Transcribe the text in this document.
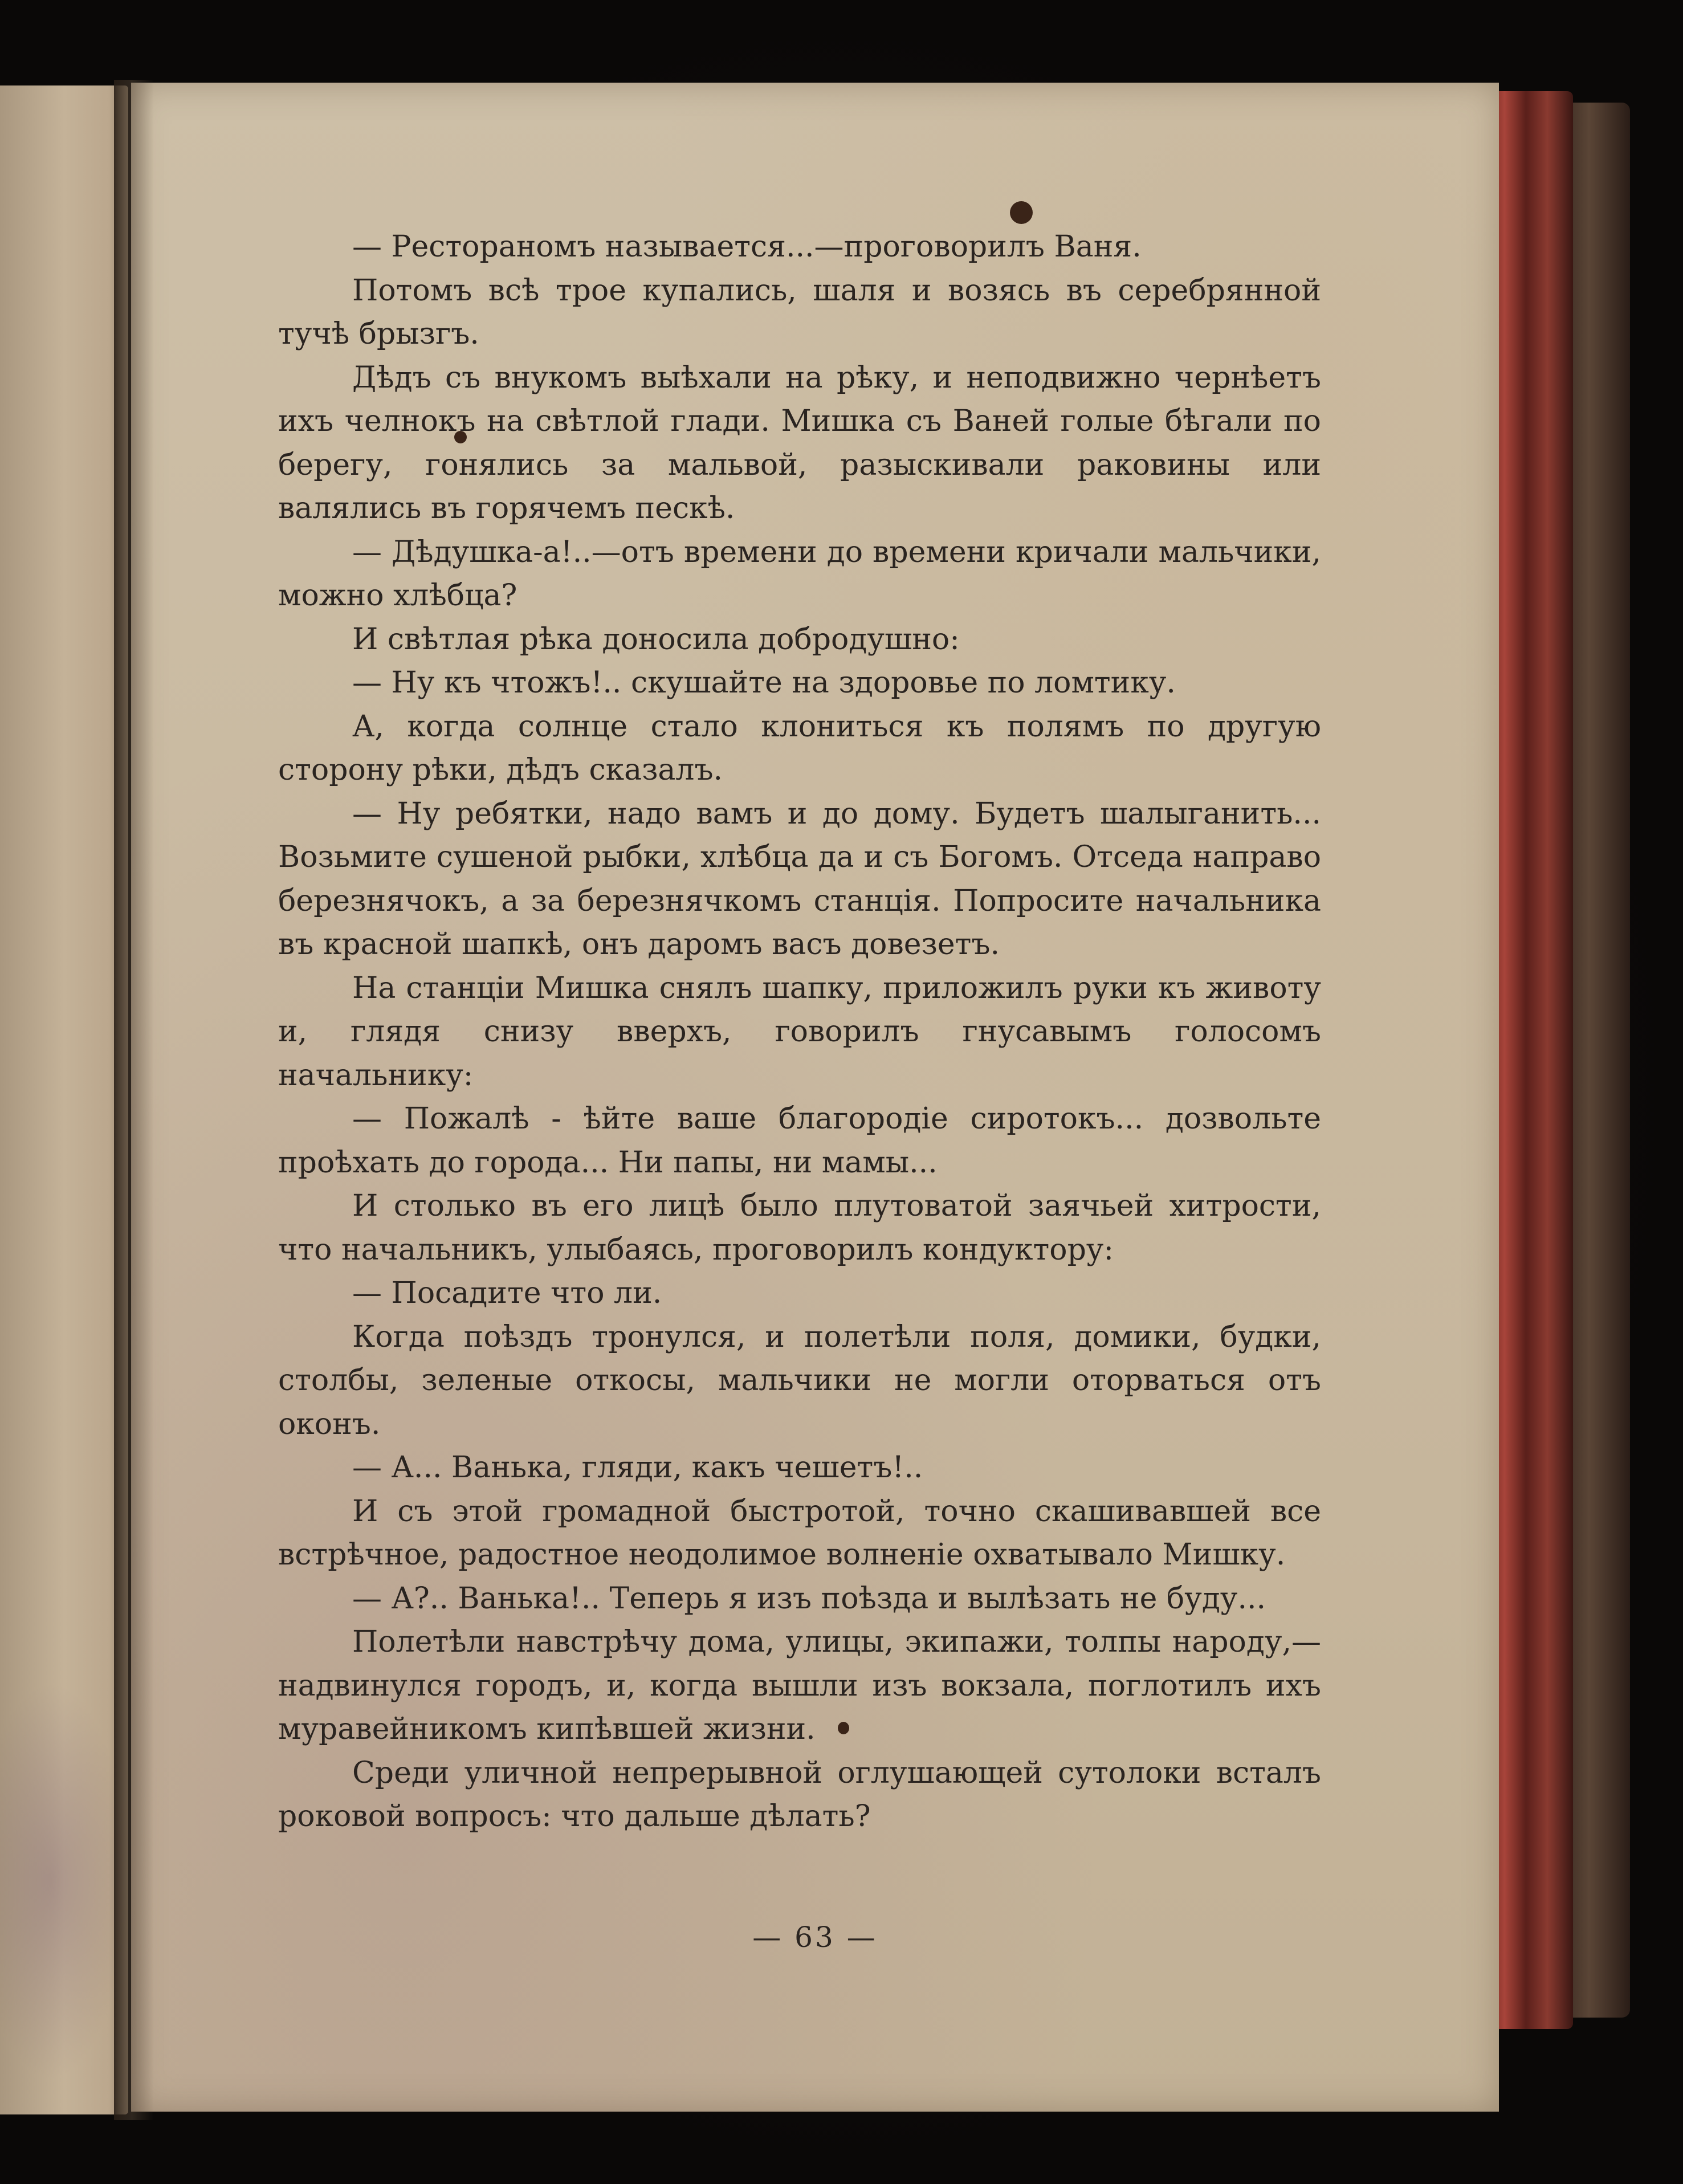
— Рестораномъ называется...—проговорилъ Ваня.

Потомъ всѣ трое купались, шаля и возясь въ серебрянной тучѣ брызгъ.

Дѣдъ съ внукомъ выѣхали на рѣку, и неподвижно чернѣетъ ихъ челнокъ на свѣтлой глади. Мишка съ Ваней голые бѣгали по берегу, гонялись за мальвой, разыскивали раковины или валялись въ горячемъ пескѣ.

— Дѣдушка-а!..—отъ времени до времени кричали мальчики, можно хлѣбца?

И свѣтлая рѣка доносила добродушно:

— Ну къ чтожъ!.. скушайте на здоровье по ломтику.

А, когда солнце стало клониться къ полямъ по другую сторону рѣки, дѣдъ сказалъ.

— Ну ребятки, надо вамъ и до дому. Будетъ шалыганить... Возьмите сушеной рыбки, хлѣбца да и съ Богомъ. Отседа направо березнячокъ, а за березнячкомъ станцiя. Попросите начальника въ красной шапкѣ, онъ даромъ васъ довезетъ.

На станцiи Мишка снялъ шапку, приложилъ руки къ животу и, глядя снизу вверхъ, говорилъ гнусавымъ голосомъ начальнику:

— Пожалѣ - ѣйте ваше благородiе сиротокъ... дозвольте проѣхать до города... Ни папы, ни мамы...

И столько въ его лицѣ было плутоватой заячьей хитрости, что начальникъ, улыбаясь, проговорилъ кондуктору:

— Посадите что ли.

Когда поѣздъ тронулся, и полетѣли поля, домики, будки, столбы, зеленые откосы, мальчики не могли оторваться отъ оконъ.

— А... Ванька, гляди, какъ чешетъ!..

И съ этой громадной быстротой, точно скашивавшей все встрѣчное, радостное неодолимое волненiе охватывало Мишку.

— А?.. Ванька!.. Теперь я изъ поѣзда и вылѣзать не буду...

Полетѣли навстрѣчу дома, улицы, экипажи, толпы народу,—надвинулся городъ, и, когда вышли изъ вокзала, поглотилъ ихъ муравейникомъ кипѣвшей жизни.

Среди уличной непрерывной оглушающей сутолоки всталъ роковой вопросъ: что дальше дѣлать?

— 63 —
